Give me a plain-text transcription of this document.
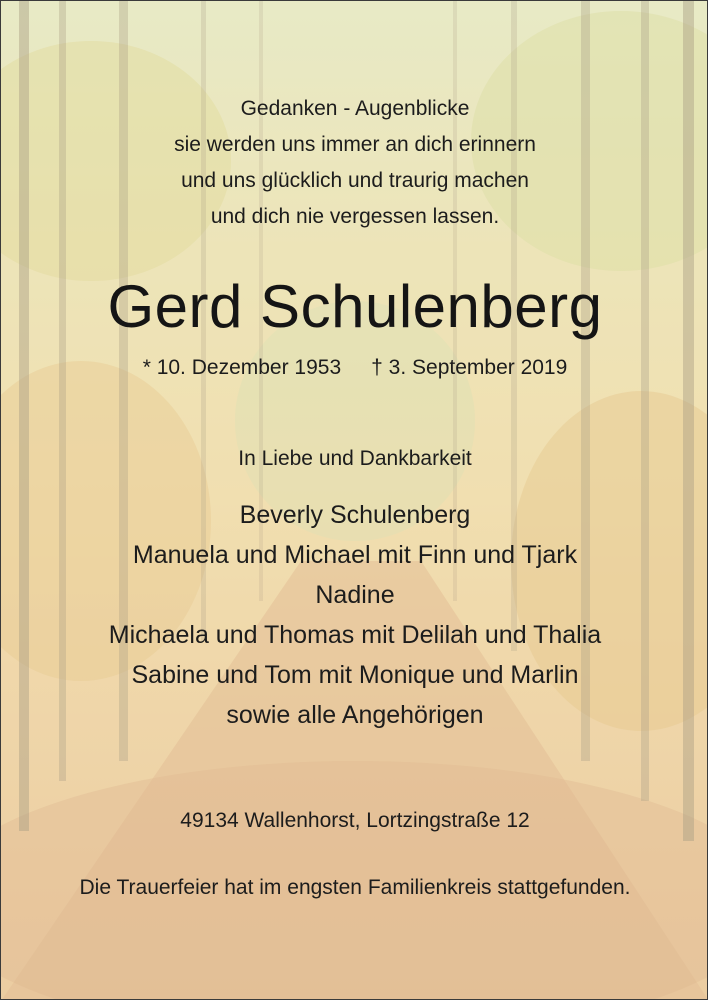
Gedanken - Augenblicke
sie werden uns immer an dich erinnern
und uns glücklich und traurig machen
und dich nie vergessen lassen.
Gerd Schulenberg
* 10. Dezember 1953 † 3. September 2019
In Liebe und Dankbarkeit
Beverly Schulenberg
Manuela und Michael mit Finn und Tjark
Nadine
Michaela und Thomas mit Delilah und Thalia
Sabine und Tom mit Monique und Marlin
sowie alle Angehörigen
49134 Wallenhorst, Lortzingstraße 12
Die Trauerfeier hat im engsten Familienkreis stattgefunden.
